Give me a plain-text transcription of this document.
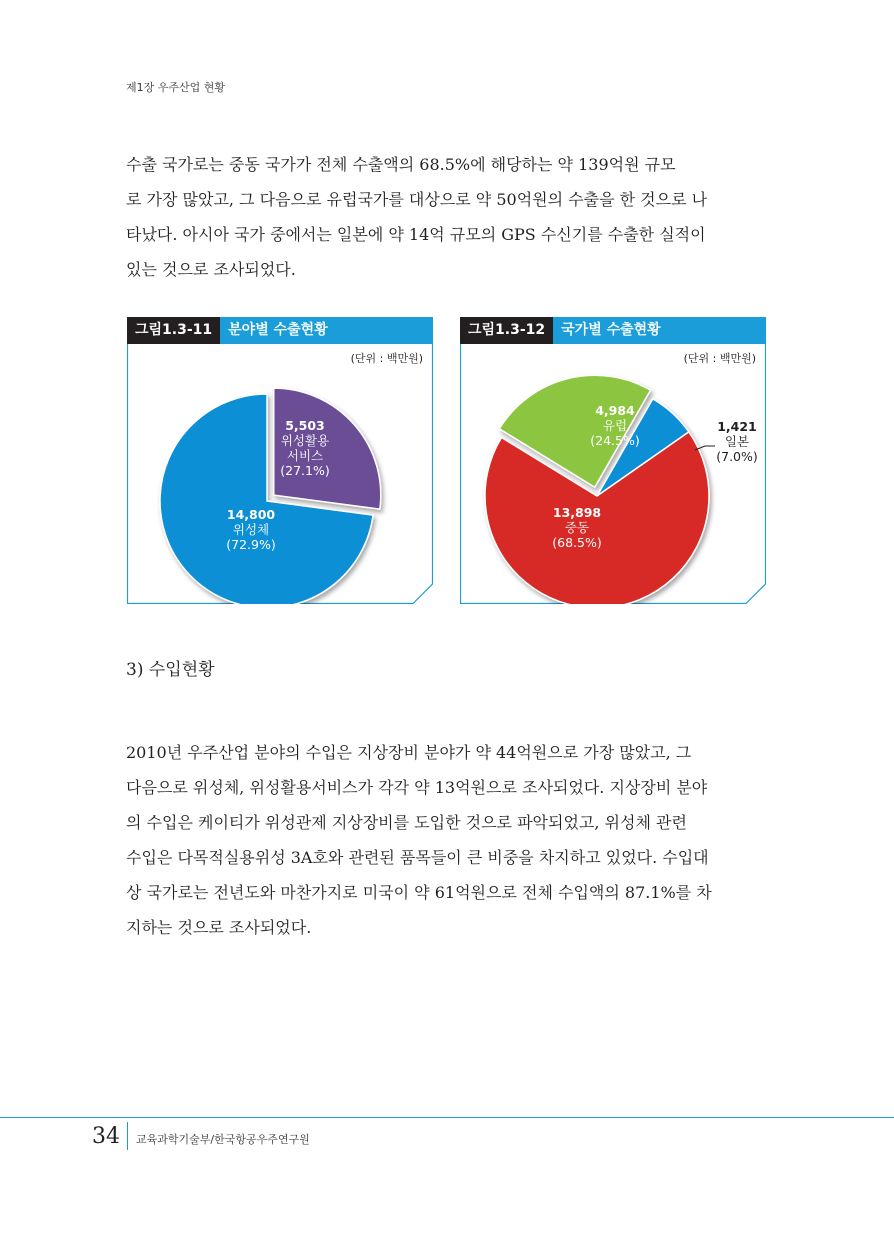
제1장 우주산업 현황

수출 국가로는 중동 국가가 전체 수출액의 68.5%에 해당하는 약 139억원 규모
로 가장 많았고, 그 다음으로 유럽국가를 대상으로 약 50억원의 수출을 한 것으로 나
타났다. 아시아 국가 중에서는 일본에 약 14억 규모의 GPS 수신기를 수출한 실적이
있는 것으로 조사되었다.

그림1.3-11 분야별 수출현황
(단위 : 백만원)
5,503 위성활용 서비스 (27.1%)
14,800 위성체 (72.9%)
그림1.3-12 국가별 수출현황
(단위 : 백만원)
4,984 유럽 (24.5%)
1,421 일본 (7.0%)
13,898 중동 (68.5%)
3) 수입현황

2010년 우주산업 분야의 수입은 지상장비 분야가 약 44억원으로 가장 많았고, 그
다음으로 위성체, 위성활용서비스가 각각 약 13억원으로 조사되었다. 지상장비 분야
의 수입은 케이티가 위성관제 지상장비를 도입한 것으로 파악되었고, 위성체 관련
수입은 다목적실용위성 3A호와 관련된 품목들이 큰 비중을 차지하고 있었다. 수입대
상 국가로는 전년도와 마찬가지로 미국이 약 61억원으로 전체 수입액의 87.1%를 차
지하는 것으로 조사되었다.

34 교육과학기술부/한국항공우주연구원
